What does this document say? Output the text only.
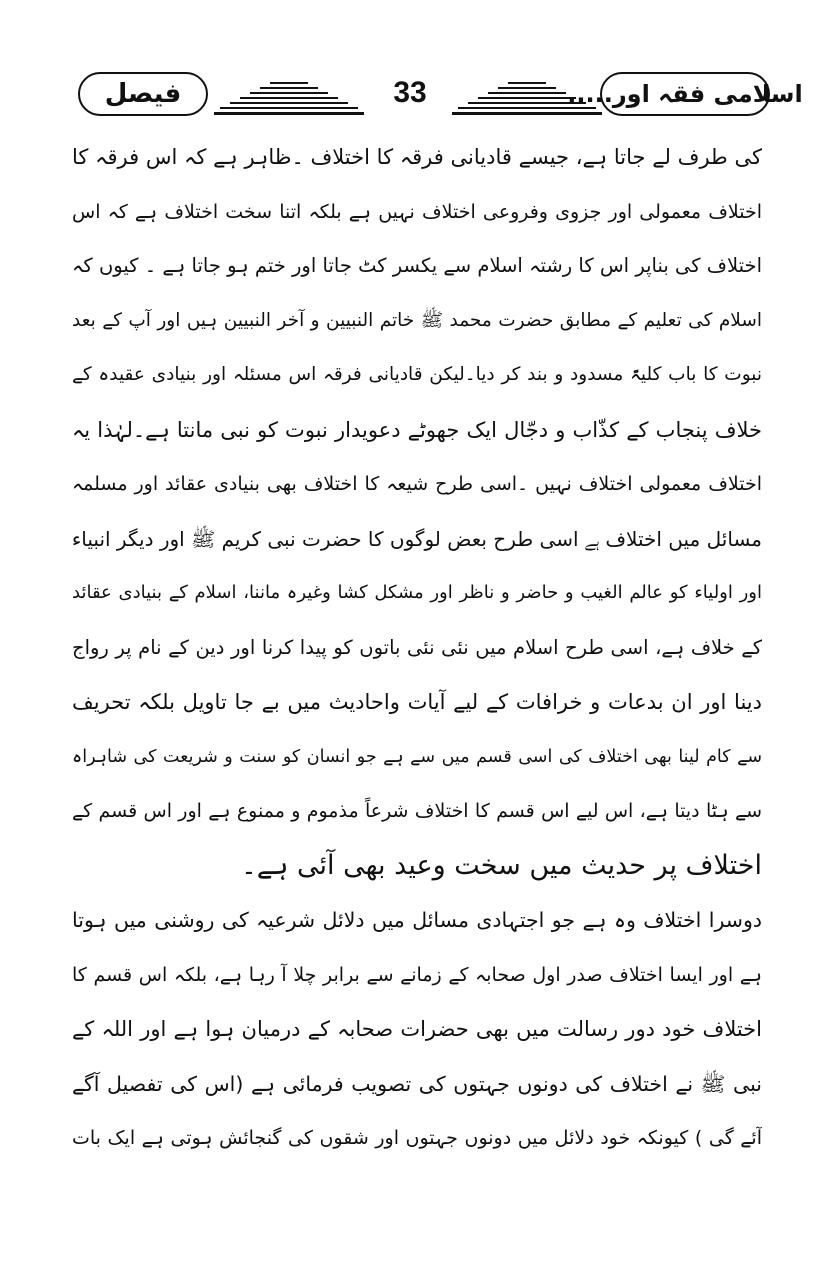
فیصل	33	اسلامی فقہ اور.....
کی طرف لے جاتا ہے، جیسے قادیانی فرقہ کا اختلاف ۔ظاہر ہے کہ اس فرقہ کا
اختلاف معمولی اور جزوی وفروعی اختلاف نہیں ہے بلکہ اتنا سخت اختلاف ہے کہ اس
اختلاف کی بناپر اس کا رشتہ اسلام سے یکسر کٹ جاتا اور ختم ہو جاتا ہے ۔ کیوں کہ
اسلام کی تعلیم کے مطابق حضرت محمد ﷺ خاتم النبیین و آخر النبیین ہیں اور آپ کے بعد
نبوت کا باب کلیۃً مسدود و بند کر دیا۔لیکن قادیانی فرقہ اس مسئلہ اور بنیادی عقیدہ کے
خلاف پنجاب کے کذّاب و دجّال ایک جھوٹے دعویدار نبوت کو نبی مانتا ہے۔لہٰذا یہ
اختلاف معمولی اختلاف نہیں ۔اسی طرح شیعہ کا اختلاف بھی بنیادی عقائد اور مسلمہ
مسائل میں اختلاف ہے اسی طرح بعض لوگوں کا حضرت نبی کریم ﷺ اور دیگر انبیاء
اور اولیاء کو عالم الغیب و حاضر و ناظر اور مشکل کشا وغیرہ ماننا، اسلام کے بنیادی عقائد
کے خلاف ہے، اسی طرح اسلام میں نئی نئی باتوں کو پیدا کرنا اور دین کے نام پر رواج
دینا اور ان بدعات و خرافات کے لیے آیات واحادیث میں بے جا تاویل بلکہ تحریف
سے کام لینا بھی اختلاف کی اسی قسم میں سے ہے جو انسان کو سنت و شریعت کی شاہراہ
سے ہٹا دیتا ہے، اس لیے اس قسم کا اختلاف شرعاً مذموم و ممنوع ہے اور اس قسم کے
اختلاف پر حدیث میں سخت وعید بھی آئی ہے۔
دوسرا اختلاف وہ ہے جو اجتہادی مسائل میں دلائل شرعیہ کی روشنی میں ہوتا
ہے اور ایسا اختلاف صدر اول صحابہ کے زمانے سے برابر چلا آ رہا ہے، بلکہ اس قسم کا
اختلاف خود دور رسالت میں بھی حضرات صحابہ کے درمیان ہوا ہے اور اللہ کے
نبی ﷺ نے اختلاف کی دونوں جہتوں کی تصویب فرمائی ہے (اس کی تفصیل آگے
آئے گی ) کیونکہ خود دلائل میں دونوں جہتوں اور شقوں کی گنجائش ہوتی ہے ایک بات
